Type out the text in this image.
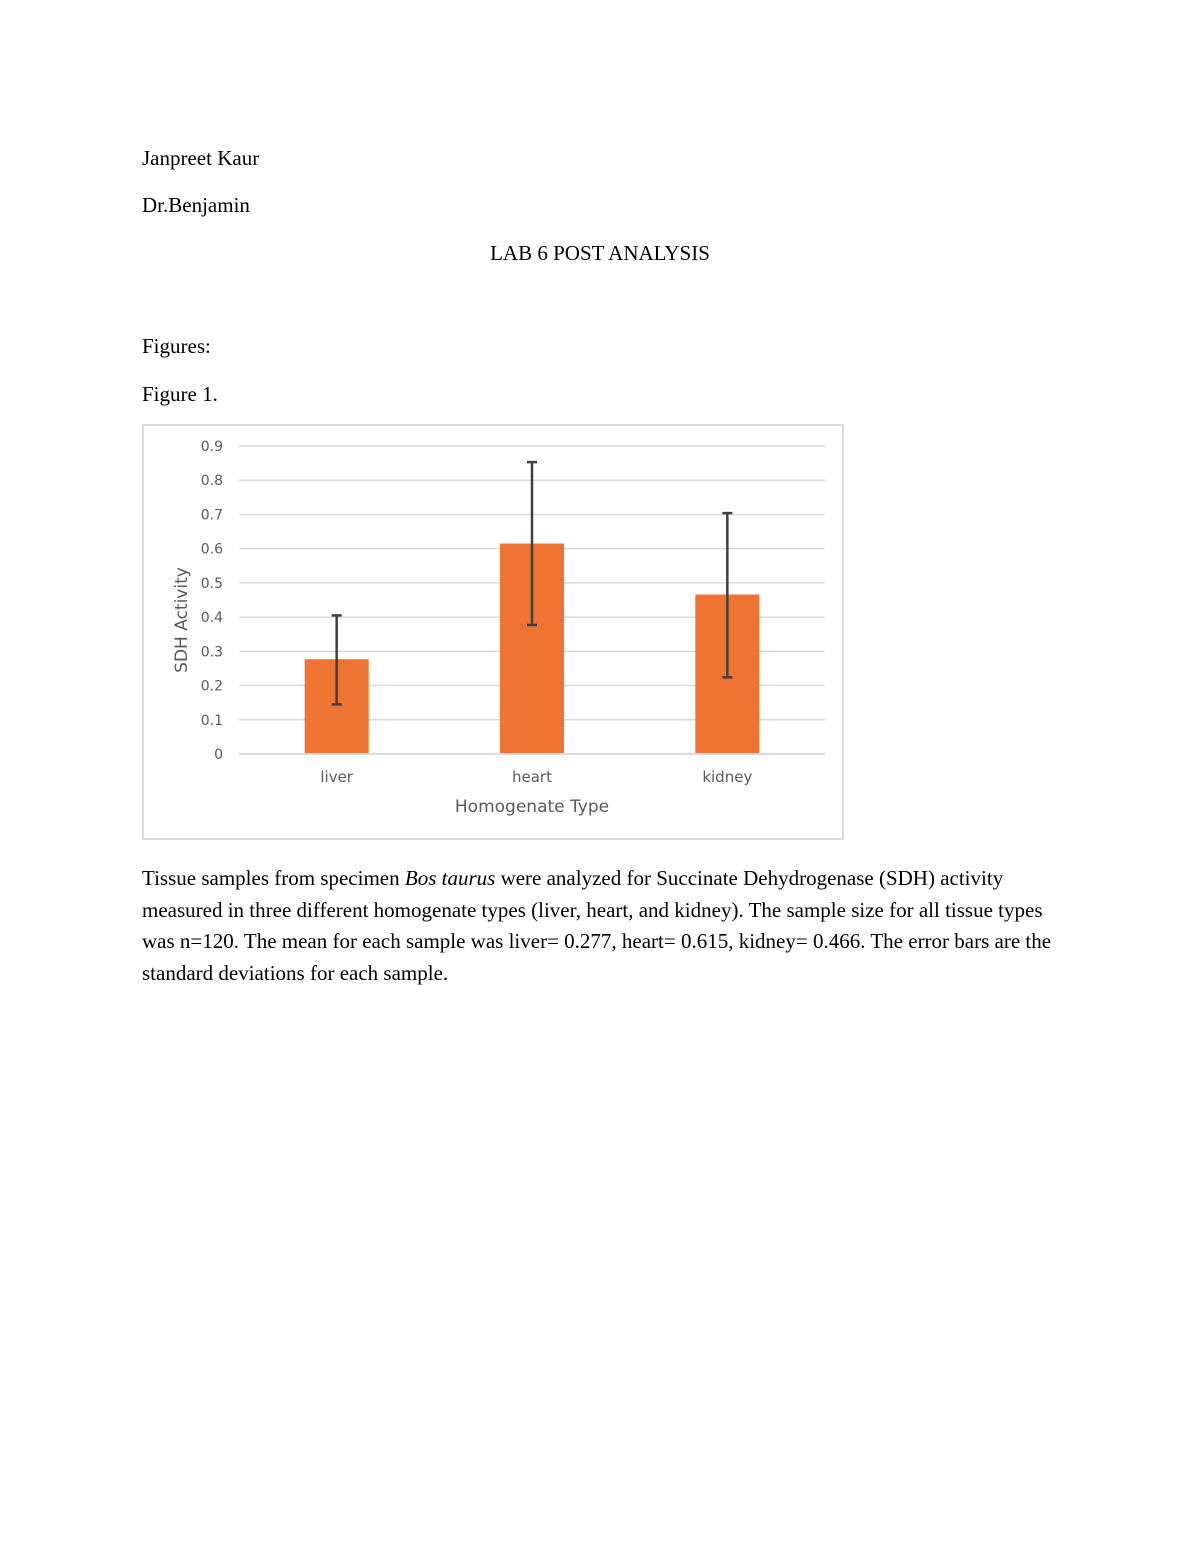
Janpreet Kaur
Dr.Benjamin
LAB 6 POST ANALYSIS
Figures:
Figure 1.
0
0.1
0.2
0.3
0.4
0.5
0.6
0.7
0.8
0.9
liver	heart	kidney
Homogenate Type
SDH Activity

Tissue samples from specimen Bos taurus were analyzed for Succinate Dehydrogenase (SDH) activity measured in three different homogenate types (liver, heart, and kidney). The sample size for all tissue types was n=120. The mean for each sample was liver= 0.277, heart= 0.615, kidney= 0.466. The error bars are the standard deviations for each sample.
